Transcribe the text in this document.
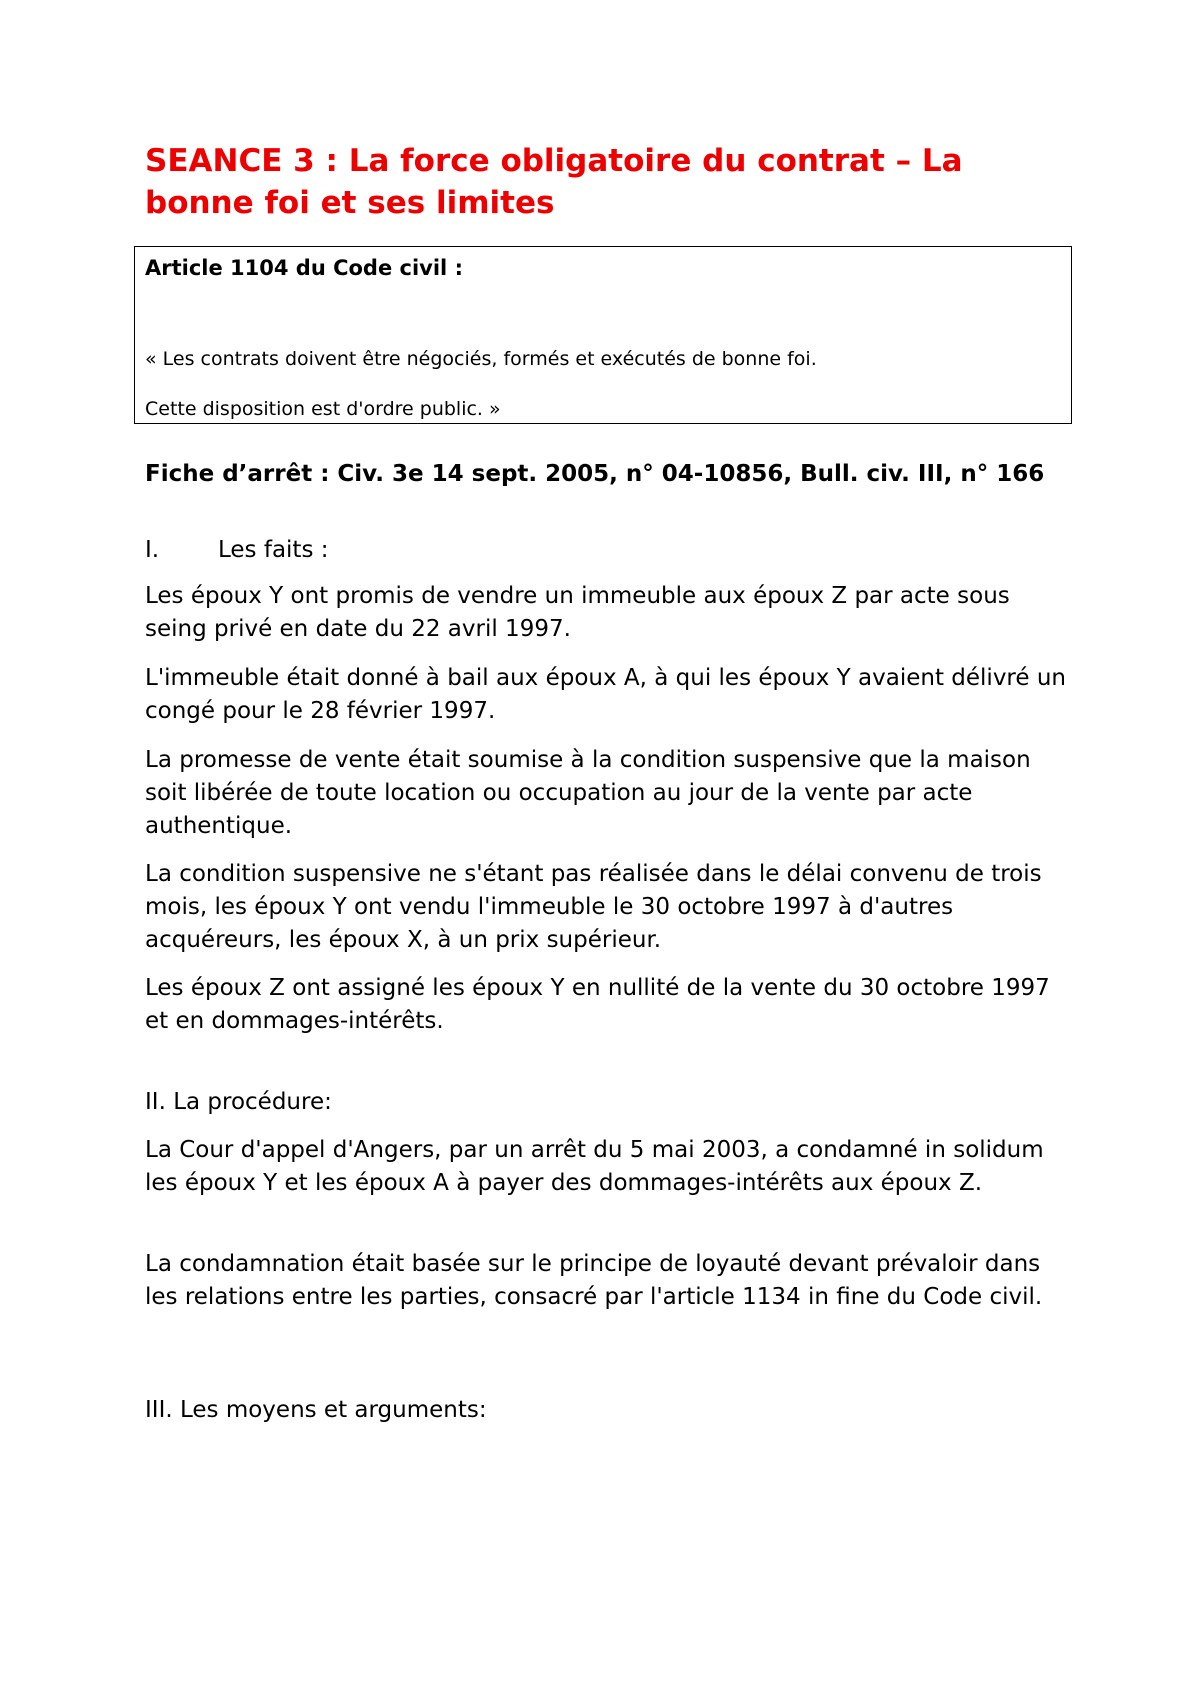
SEANCE 3 : La force obligatoire du contrat – La bonne foi et ses limites

Article 1104 du Code civil :

« Les contrats doivent être négociés, formés et exécutés de bonne foi.

Cette disposition est d'ordre public. »

Fiche d’arrêt : Civ. 3e 14 sept. 2005, n° 04-10856, Bull. civ. III, n° 166

I.	Les faits :

Les époux Y ont promis de vendre un immeuble aux époux Z par acte sous seing privé en date du 22 avril 1997.

L'immeuble était donné à bail aux époux A, à qui les époux Y avaient délivré un congé pour le 28 février 1997.

La promesse de vente était soumise à la condition suspensive que la maison soit libérée de toute location ou occupation au jour de la vente par acte authentique.

La condition suspensive ne s'étant pas réalisée dans le délai convenu de trois mois, les époux Y ont vendu l'immeuble le 30 octobre 1997 à d'autres acquéreurs, les époux X, à un prix supérieur.

Les époux Z ont assigné les époux Y en nullité de la vente du 30 octobre 1997 et en dommages-intérêts.

II. La procédure:

La Cour d'appel d'Angers, par un arrêt du 5 mai 2003, a condamné in solidum les époux Y et les époux A à payer des dommages-intérêts aux époux Z.

La condamnation était basée sur le principe de loyauté devant prévaloir dans les relations entre les parties, consacré par l'article 1134 in fine du Code civil.

III. Les moyens et arguments:
